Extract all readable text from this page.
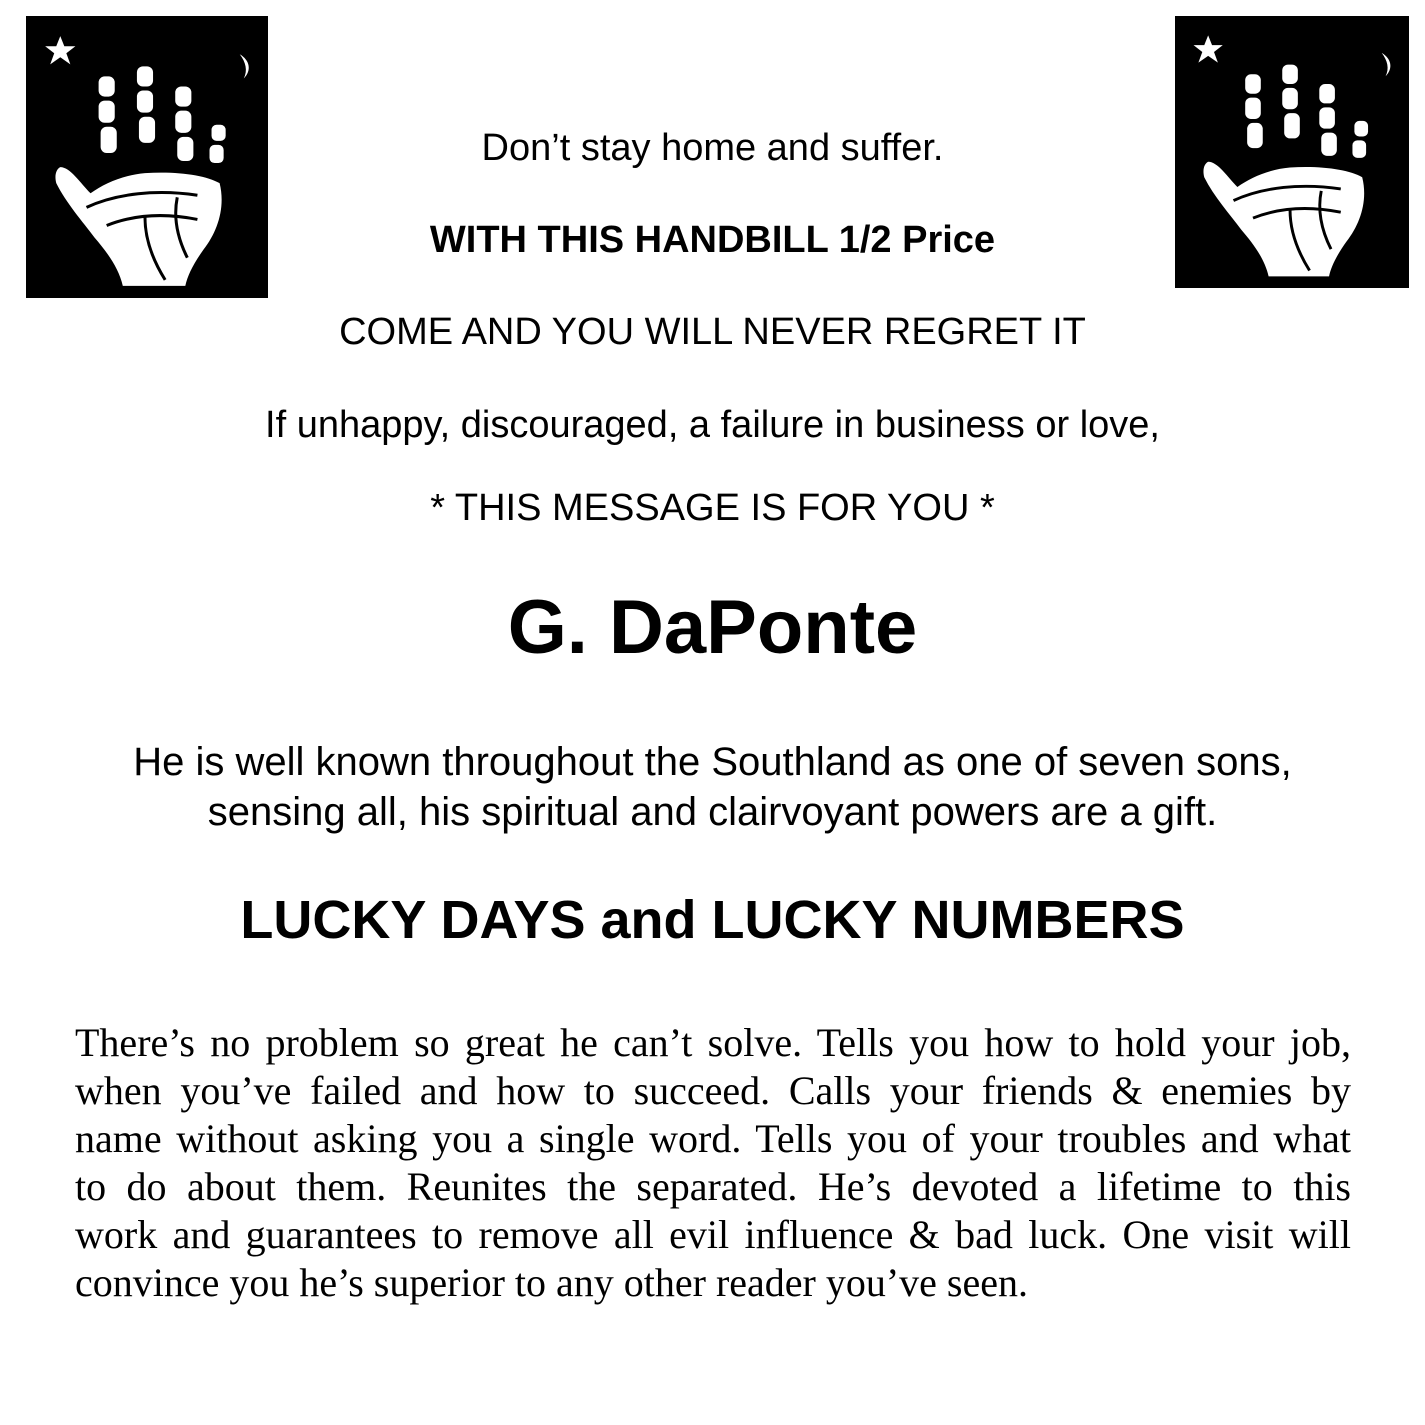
Don’t stay home and suffer.
WITH THIS HANDBILL 1/2 Price
COME AND YOU WILL NEVER REGRET IT
If unhappy, discouraged, a failure in business or love,
* THIS MESSAGE IS FOR YOU *
G. DaPonte
He is well known throughout the Southland as one of seven sons,
sensing all, his spiritual and clairvoyant powers are a gift.
LUCKY DAYS and LUCKY NUMBERS
There’s no problem so great he can’t solve. Tells you how to hold your job,
when you’ve failed and how to succeed. Calls your friends & enemies by
name without asking you a single word. Tells you of your troubles and what
to do about them. Reunites the separated. He’s devoted a lifetime to this
work and guarantees to remove all evil influence & bad luck. One visit will
convince you he’s superior to any other reader you’ve seen.
